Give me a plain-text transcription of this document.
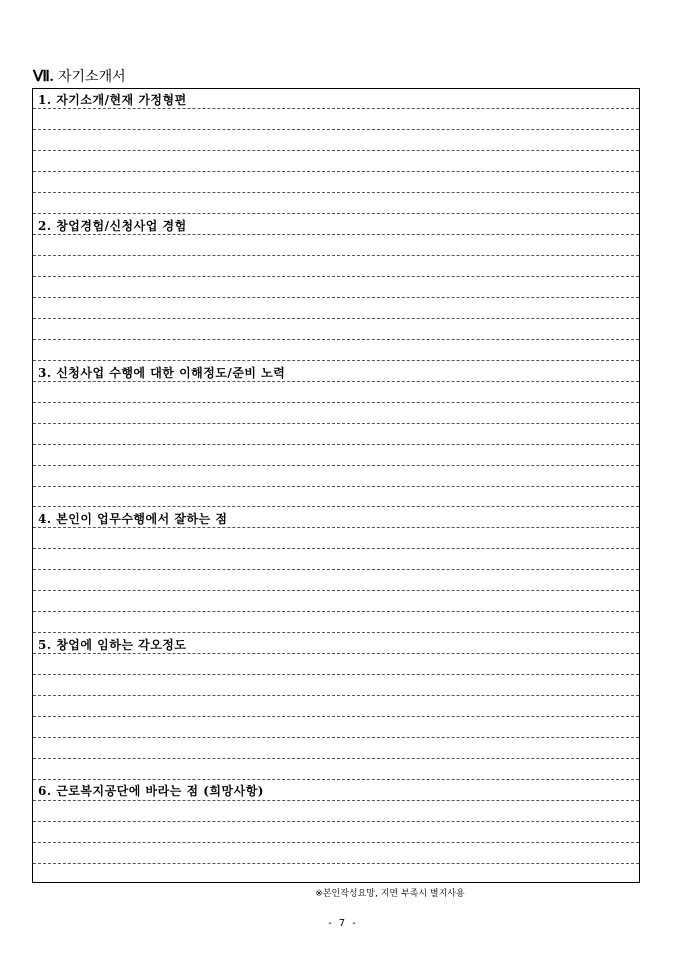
Ⅶ. 자기소개서
1. 자기소개/현재 가정형편
2. 창업경험/신청사업 경험
3. 신청사업 수행에 대한 이해정도/준비 노력
4. 본인이 업무수행에서 잘하는 점
5. 창업에 임하는 각오정도
6. 근로복지공단에 바라는 점 (희망사항)
※본인작성요망, 지면 부족시 별지사용
- 7 -
